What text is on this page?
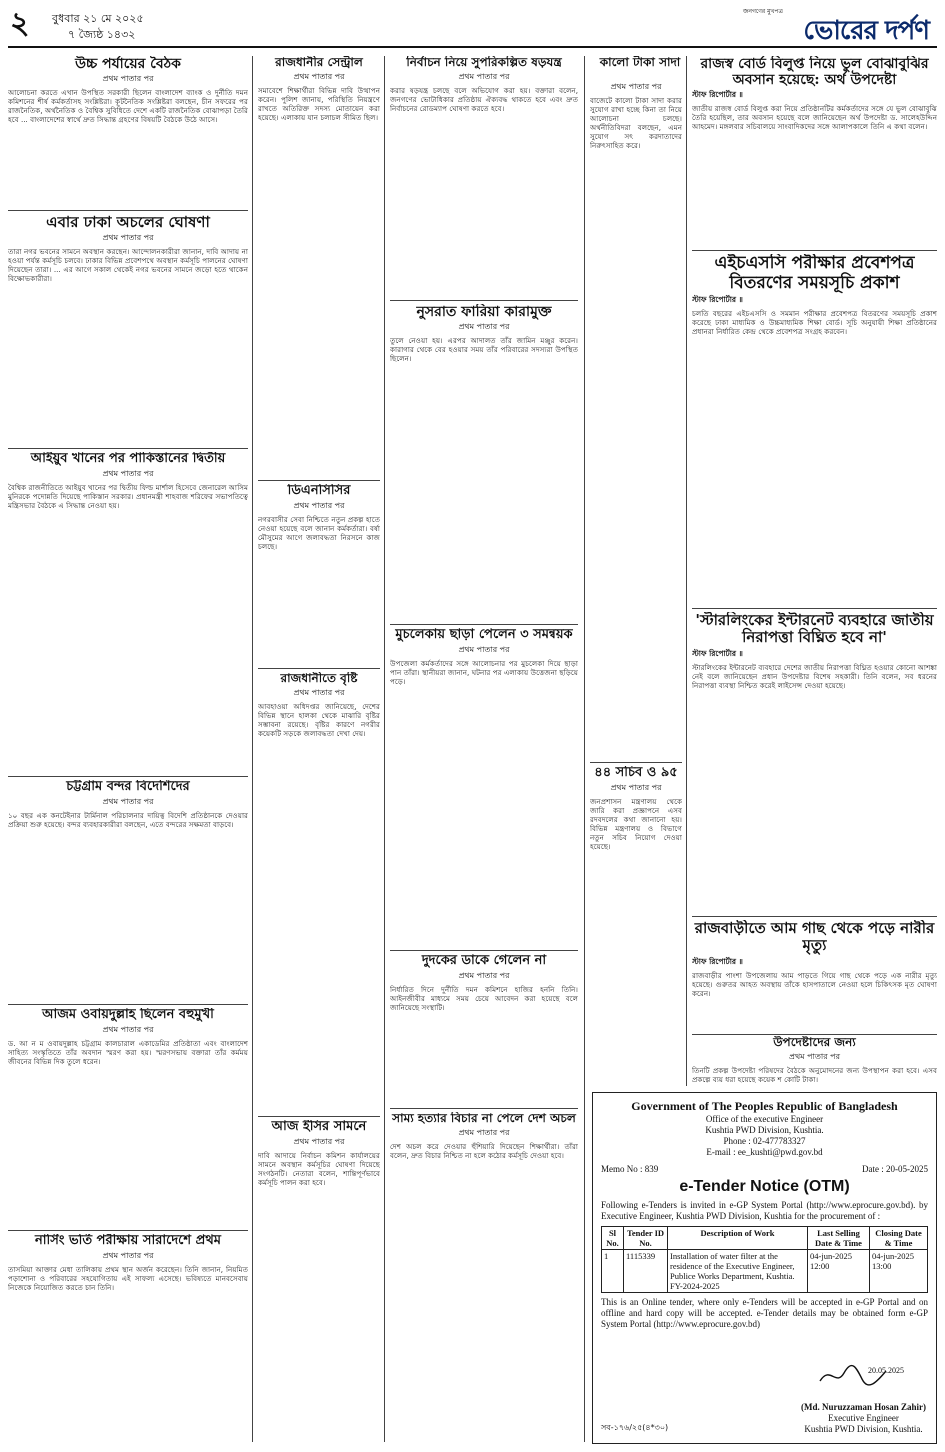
২ বুধবার ২১ মে ২০২৫
৭ জ্যৈষ্ঠ ১৪৩২
জনগণের মুখপত্র
ভোরের দর্পণ
উচ্চ পর্যায়ের বৈঠক
প্রথম পাতার পর
আলোচনা করতে এখান উপস্থিত সরকারী ছিলেন বাংলাদেশ ব্যাংক ও দুর্নীতি দমন কমিশনের শীর্ষ কর্মকর্তাসহ সংশ্লিষ্টরা। কূটনৈতিক সংশ্লিষ্টরা বলছেন, চীন সফরের পর রাজনৈতিক, অর্থনৈতিক ও বৈশ্বিক সুবিধিতে দেশে একটি রাজনৈতিক বোঝাপড়া তৈরি হবে ... বাংলাদেশের স্বার্থে দ্রুত সিদ্ধান্ত গ্রহণের বিষয়টি বৈঠকে উঠে আসে।
এবার ঢাকা অচলের ঘোষণা
প্রথম পাতার পর
তারা নগর ভবনের সামনে অবস্থান করছেন। আন্দোলনকারীরা জানান, দাবি আদায় না হওয়া পর্যন্ত কর্মসূচি চলবে। ঢাকার বিভিন্ন প্রবেশপথে অবস্থান কর্মসূচি পালনের ঘোষণা দিয়েছেন তারা। ... এর আগে সকাল থেকেই নগর ভবনের সামনে জড়ো হতে থাকেন বিক্ষোভকারীরা।
আইয়ুব খানের পর পাকিস্তানের দ্বিতীয়
প্রথম পাতার পর
বৈশ্বিক রাজনীতিতে আইয়ুব খানের পর দ্বিতীয় ফিল্ড মার্শাল হিসেবে জেনারেল আসিম মুনিরকে পদোন্নতি দিয়েছে পাকিস্তান সরকার। প্রধানমন্ত্রী শাহবাজ শরিফের সভাপতিত্বে মন্ত্রিসভার বৈঠকে এ সিদ্ধান্ত নেওয়া হয়।
চট্টগ্রাম বন্দর বিদেশিদের
প্রথম পাতার পর
১০ বছর এক কনটেইনার টার্মিনাল পরিচালনার দায়িত্ব বিদেশি প্রতিষ্ঠানকে দেওয়ার প্রক্রিয়া শুরু হয়েছে। বন্দর ব্যবহারকারীরা বলছেন, এতে বন্দরের সক্ষমতা বাড়বে।
আজম ওবায়দুল্লাহ ছিলেন বহুমুখী
প্রথম পাতার পর
ড. আ ন ম ওবায়দুল্লাহ চট্টগ্রাম কালচারাল একাডেমির প্রতিষ্ঠাতা এবং বাংলাদেশ সাহিত্য সংস্কৃতিতে তাঁর অবদান স্মরণ করা হয়। স্মরণসভায় বক্তারা তাঁর কর্মময় জীবনের বিভিন্ন দিক তুলে ধরেন।
নার্সিং ভর্তি পরীক্ষায় সারাদেশে প্রথম
প্রথম পাতার পর
তাসমিয়া আক্তার মেধা তালিকায় প্রথম স্থান অর্জন করেছেন। তিনি জানান, নিয়মিত পড়াশোনা ও পরিবারের সহযোগিতায় এই সাফল্য এসেছে। ভবিষ্যতে মানবসেবায় নিজেকে নিয়োজিত করতে চান তিনি।
রাজধানীর সেন্ট্রাল
প্রথম পাতার পর
সমাবেশে শিক্ষার্থীরা বিভিন্ন দাবি উত্থাপন করেন। পুলিশ জানায়, পরিস্থিতি নিয়ন্ত্রণে রাখতে অতিরিক্ত সদস্য মোতায়েন করা হয়েছে। এলাকায় যান চলাচল সীমিত ছিল।
ডিএনসিসির
প্রথম পাতার পর
নগরবাসীর সেবা নিশ্চিতে নতুন প্রকল্প হাতে নেওয়া হয়েছে বলে জানান কর্মকর্তারা। বর্ষা মৌসুমের আগে জলাবদ্ধতা নিরসনে কাজ চলছে।
রাজধানীতে বৃষ্টি
প্রথম পাতার পর
আবহাওয়া অধিদপ্তর জানিয়েছে, দেশের বিভিন্ন স্থানে হালকা থেকে মাঝারি বৃষ্টির সম্ভাবনা রয়েছে। বৃষ্টির কারণে নগরীর কয়েকটি সড়কে জলাবদ্ধতা দেখা দেয়।
আজ ইসির সামনে
প্রথম পাতার পর
দাবি আদায়ে নির্বাচন কমিশন কার্যালয়ের সামনে অবস্থান কর্মসূচির ঘোষণা দিয়েছে সংগঠনটি। নেতারা বলেন, শান্তিপূর্ণভাবে কর্মসূচি পালন করা হবে।
নির্বাচন নিয়ে সুপরিকল্পিত ষড়যন্ত্র
প্রথম পাতার পর
করার ষড়যন্ত্র চলছে বলে অভিযোগ করা হয়। বক্তারা বলেন, জনগণের ভোটাধিকার প্রতিষ্ঠায় ঐক্যবদ্ধ থাকতে হবে এবং দ্রুত নির্বাচনের রোডম্যাপ ঘোষণা করতে হবে।
নুসরাত ফারিয়া কারামুক্ত
প্রথম পাতার পর
তুলে নেওয়া হয়। এরপর আদালত তাঁর জামিন মঞ্জুর করেন। কারাগার থেকে বের হওয়ার সময় তাঁর পরিবারের সদস্যরা উপস্থিত ছিলেন।
মুচলেকায় ছাড়া পেলেন ৩ সমন্বয়ক
প্রথম পাতার পর
উপজেলা কর্মকর্তাদের সঙ্গে আলোচনার পর মুচলেকা দিয়ে ছাড়া পান তাঁরা। স্থানীয়রা জানান, ঘটনার পর এলাকায় উত্তেজনা ছড়িয়ে পড়ে।
দুদকের ডাকে গেলেন না
প্রথম পাতার পর
নির্ধারিত দিনে দুর্নীতি দমন কমিশনে হাজির হননি তিনি। আইনজীবীর মাধ্যমে সময় চেয়ে আবেদন করা হয়েছে বলে জানিয়েছে সংস্থাটি।
সাম্য হত্যার বিচার না পেলে দেশ অচল
প্রথম পাতার পর
দেশ অচল করে দেওয়ার হুঁশিয়ারি দিয়েছেন শিক্ষার্থীরা। তাঁরা বলেন, দ্রুত বিচার নিশ্চিত না হলে কঠোর কর্মসূচি দেওয়া হবে।
কালো টাকা সাদা
প্রথম পাতার পর
বাজেটে কালো টাকা সাদা করার সুযোগ রাখা হচ্ছে কিনা তা নিয়ে আলোচনা চলছে। অর্থনীতিবিদরা বলছেন, এমন সুযোগ সৎ করদাতাদের নিরুৎসাহিত করে।
৪৪ সচিব ও ৯৫
প্রথম পাতার পর
জনপ্রশাসন মন্ত্রণালয় থেকে জারি করা প্রজ্ঞাপনে এসব রদবদলের কথা জানানো হয়। বিভিন্ন মন্ত্রণালয় ও বিভাগে নতুন সচিব নিয়োগ দেওয়া হয়েছে।
রাজস্ব বোর্ড বিলুপ্ত নিয়ে ভুল বোঝাবুঝির অবসান হয়েছে: অর্থ উপদেষ্টা
স্টাফ রিপোর্টার ॥
জাতীয় রাজস্ব বোর্ড বিলুপ্ত করা নিয়ে প্রতিষ্ঠানটির কর্মকর্তাদের সঙ্গে যে ভুল বোঝাবুঝি তৈরি হয়েছিল, তার অবসান হয়েছে বলে জানিয়েছেন অর্থ উপদেষ্টা ড. সালেহউদ্দিন আহমেদ। মঙ্গলবার সচিবালয়ে সাংবাদিকদের সঙ্গে আলাপকালে তিনি এ কথা বলেন।
এইচএসসি পরীক্ষার প্রবেশপত্র বিতরণের সময়সূচি প্রকাশ
স্টাফ রিপোর্টার ॥
চলতি বছরের এইচএসসি ও সমমান পরীক্ষার প্রবেশপত্র বিতরণের সময়সূচি প্রকাশ করেছে ঢাকা মাধ্যমিক ও উচ্চমাধ্যমিক শিক্ষা বোর্ড। সূচি অনুযায়ী শিক্ষা প্রতিষ্ঠানের প্রধানরা নির্ধারিত কেন্দ্র থেকে প্রবেশপত্র সংগ্রহ করবেন।
'স্টারলিংকের ইন্টারনেট ব্যবহারে জাতীয় নিরাপত্তা বিঘ্নিত হবে না'
স্টাফ রিপোর্টার ॥
স্টারলিংকের ইন্টারনেট ব্যবহারে দেশের জাতীয় নিরাপত্তা বিঘ্নিত হওয়ার কোনো আশঙ্কা নেই বলে জানিয়েছেন প্রধান উপদেষ্টার বিশেষ সহকারী। তিনি বলেন, সব ধরনের নিরাপত্তা ব্যবস্থা নিশ্চিত করেই লাইসেন্স দেওয়া হয়েছে।
রাজবাড়ীতে আম গাছ থেকে পড়ে নারীর মৃত্যু
স্টাফ রিপোর্টার ॥
রাজবাড়ীর পাংশা উপজেলায় আম পাড়তে গিয়ে গাছ থেকে পড়ে এক নারীর মৃত্যু হয়েছে। গুরুতর আহত অবস্থায় তাঁকে হাসপাতালে নেওয়া হলে চিকিৎসক মৃত ঘোষণা করেন।
উপদেষ্টাদের জন্য
প্রথম পাতার পর
তিনটি প্রকল্প উপদেষ্টা পরিষদের বৈঠকে অনুমোদনের জন্য উপস্থাপন করা হবে। এসব প্রকল্পে ব্যয় ধরা হয়েছে কয়েক শ কোটি টাকা।
Government of The Peoples Republic of Bangladesh
Office of the executive Engineer
Kushtia PWD Division, Kushtia.
Phone : 02-477783327
E-mail : ee_kushti@pwd.gov.bd
Memo No : 839	Date : 20-05-2025
e-Tender Notice (OTM)
Following e-Tenders is invited in e-GP System Portal (http://www.eprocure.gov.bd). by Executive Engineer, Kushtia PWD Division, Kushtia for the procurement of :
Sl No.	Tender ID No.	Description of Work	Last Selling Date & Time	Closing Date & Time
1	1115339	Installation of water filter at the residence of the Executive Engineer, Publice Works Department, Kushtia. FY-2024-2025	04-jun-2025 12:00	04-jun-2025 13:00
This is an Online tender, where only e-Tenders will be accepted in e-GP Portal and on offline and hard copy will be accepted. e-Tender details may be obtained form e-GP System Portal (http://www.eprocure.gov.bd)
20.05.2025
(Md. Nuruzzaman Hosan Zahir)
Executive Engineer
Kushtia PWD Division, Kushtia.
সব-১৭৬/২৫(৪*৩০)
